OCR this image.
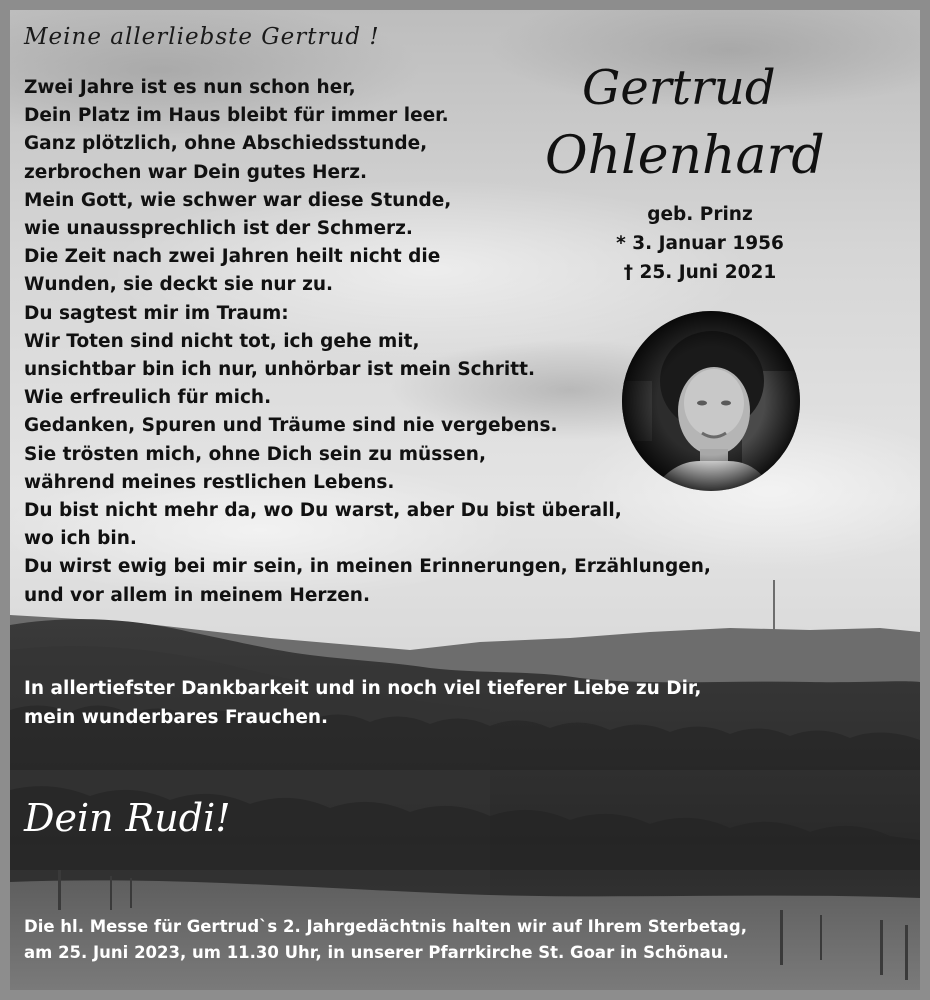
Meine allerliebste Gertrud !

Zwei Jahre ist es nun schon her,
Dein Platz im Haus bleibt für immer leer.
Ganz plötzlich, ohne Abschiedsstunde,
zerbrochen war Dein gutes Herz.
Mein Gott, wie schwer war diese Stunde,
wie unaussprechlich ist der Schmerz.
Die Zeit nach zwei Jahren heilt nicht die
Wunden, sie deckt sie nur zu.
Du sagtest mir im Traum:
Wir Toten sind nicht tot, ich gehe mit,
unsichtbar bin ich nur, unhörbar ist mein Schritt.
Wie erfreulich für mich.
Gedanken, Spuren und Träume sind nie vergebens.
Sie trösten mich, ohne Dich sein zu müssen,
während meines restlichen Lebens.
Du bist nicht mehr da, wo Du warst, aber Du bist überall,
wo ich bin.
Du wirst ewig bei mir sein, in meinen Erinnerungen, Erzählungen,
und vor allem in meinem Herzen.

Gertrud

Ohlenhard

geb. Prinz
* 3. Januar 1956
† 25. Juni 2021
In allertiefster Dankbarkeit und in noch viel tieferer Liebe zu Dir,
mein wunderbares Frauchen.

Dein Rudi!

Die hl. Messe für Gertrud`s 2. Jahrgedächtnis halten wir auf Ihrem Sterbetag,
am 25. Juni 2023, um 11.30 Uhr, in unserer Pfarrkirche St. Goar in Schönau.
